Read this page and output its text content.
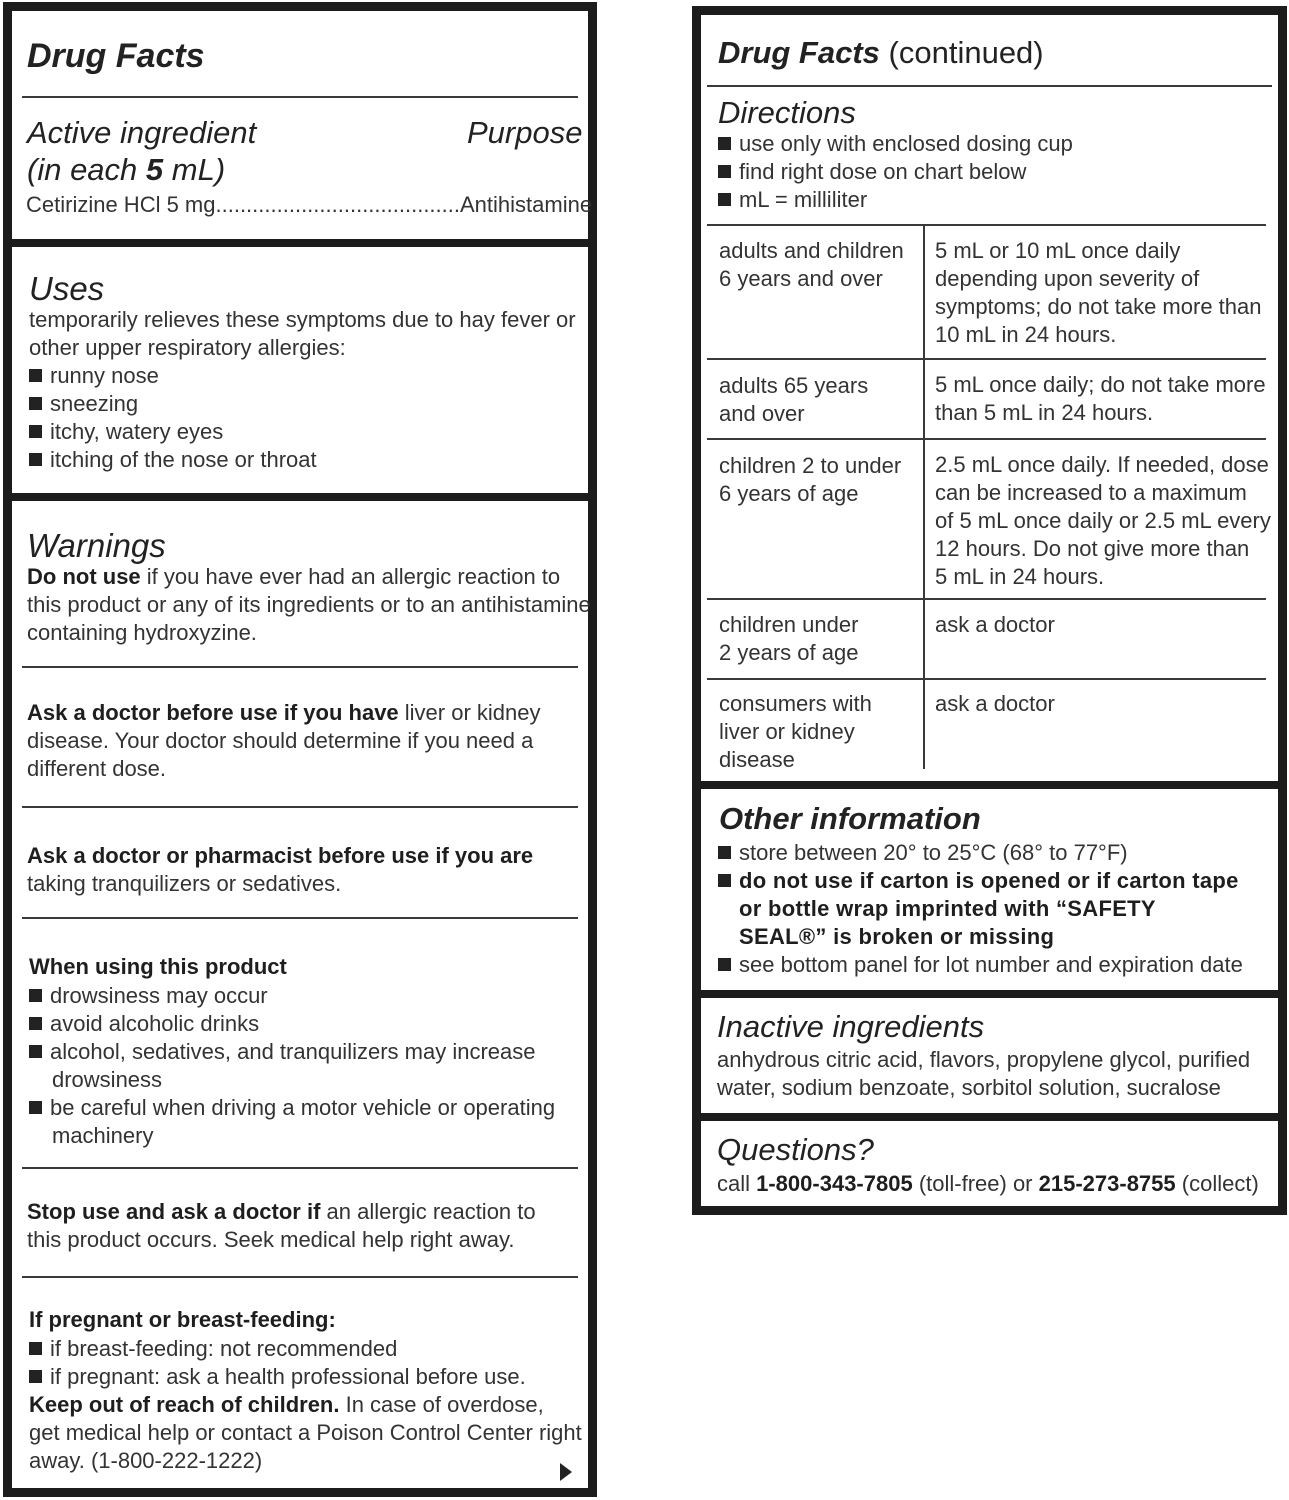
Drug Facts
Active ingredient
(in each 5 mL)
Purpose
Cetirizine HCl 5 mg........................................Antihistamine
Uses
temporarily relieves these symptoms due to hay fever or
other upper respiratory allergies:
runny nose
sneezing
itchy, watery eyes
itching of the nose or throat
Warnings
Do not use if you have ever had an allergic reaction to
this product or any of its ingredients or to an antihistamine
containing hydroxyzine.
Ask a doctor before use if you have liver or kidney
disease. Your doctor should determine if you need a
different dose.
Ask a doctor or pharmacist before use if you are
taking tranquilizers or sedatives.
When using this product
drowsiness may occur
avoid alcoholic drinks
alcohol, sedatives, and tranquilizers may increase
drowsiness
be careful when driving a motor vehicle or operating
machinery
Stop use and ask a doctor if an allergic reaction to
this product occurs. Seek medical help right away.
If pregnant or breast-feeding:
if breast-feeding: not recommended
if pregnant: ask a health professional before use.
Keep out of reach of children. In case of overdose,
get medical help or contact a Poison Control Center right
away. (1-800-222-1222)
Drug Facts (continued)
Directions
use only with enclosed dosing cup
find right dose on chart below
mL = milliliter
adults and children
6 years and over
5 mL or 10 mL once daily
depending upon severity of
symptoms; do not take more than
10 mL in 24 hours.
adults 65 years
and over
5 mL once daily; do not take more
than 5 mL in 24 hours.
children 2 to under
6 years of age
2.5 mL once daily. If needed, dose
can be increased to a maximum
of 5 mL once daily or 2.5 mL every
12 hours. Do not give more than
5 mL in 24 hours.
children under
2 years of age
ask a doctor
consumers with
liver or kidney
disease
ask a doctor
Other information
store between 20° to 25°C (68° to 77°F)
do not use if carton is opened or if carton tape
or bottle wrap imprinted with “SAFETY
SEAL®” is broken or missing
see bottom panel for lot number and expiration date
Inactive ingredients
anhydrous citric acid, flavors, propylene glycol, purified
water, sodium benzoate, sorbitol solution, sucralose
Questions?
call 1-800-343-7805 (toll-free) or 215-273-8755 (collect)
